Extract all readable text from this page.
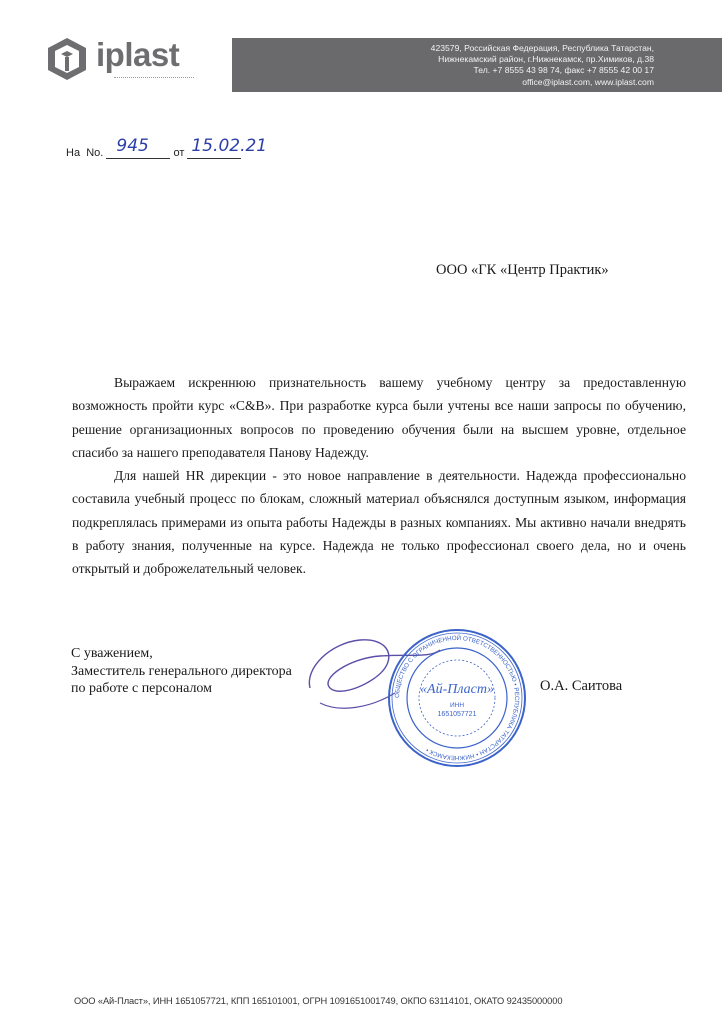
iplast	423579, Российская Федерация, Республика Татарстан,
Нижнекамский район, г.Нижнекамск, пр.Химиков, д.38
Тел. +7 8555 43 98 74, факс +7 8555 42 00 17
office@iplast.com, www.iplast.com
На No. 945 от 15.02.21
ООО «ГК «Центр Практик»

Выражаем искреннюю признательность вашему учебному центру за предоставленную возможность пройти курс «С&В». При разработке курса были учтены все наши запросы по обучению, решение организационных вопросов по проведению обучения были на высшем уровне, отдельное спасибо за нашего преподавателя Панову Надежду.

Для нашей HR дирекции - это новое направление в деятельности. Надежда профессионально составила учебный процесс по блокам, сложный материал объяснялся доступным языком, информация подкреплялась примерами из опыта работы Надежды в разных компаниях. Мы активно начали внедрять в работу знания, полученные на курсе. Надежда не только профессионал своего дела, но и очень открытый и доброжелательный человек.

С уважением,
Заместитель генерального директора
по работе с персоналом	ОБЩЕСТВО С ОГРАНИЧЕННОЙ ОТВЕТСТВЕННОСТЬЮ • РЕСПУБЛИКА ТАТАРСТАН • НИЖНЕКАМСК •
«Ай-Пласт»
ИНН
1651057721
О.А. Саитова
ООО «Ай-Пласт», ИНН 1651057721, КПП 165101001, ОГРН 1091651001749, ОКПО 63114101, ОКАТО 92435000000
